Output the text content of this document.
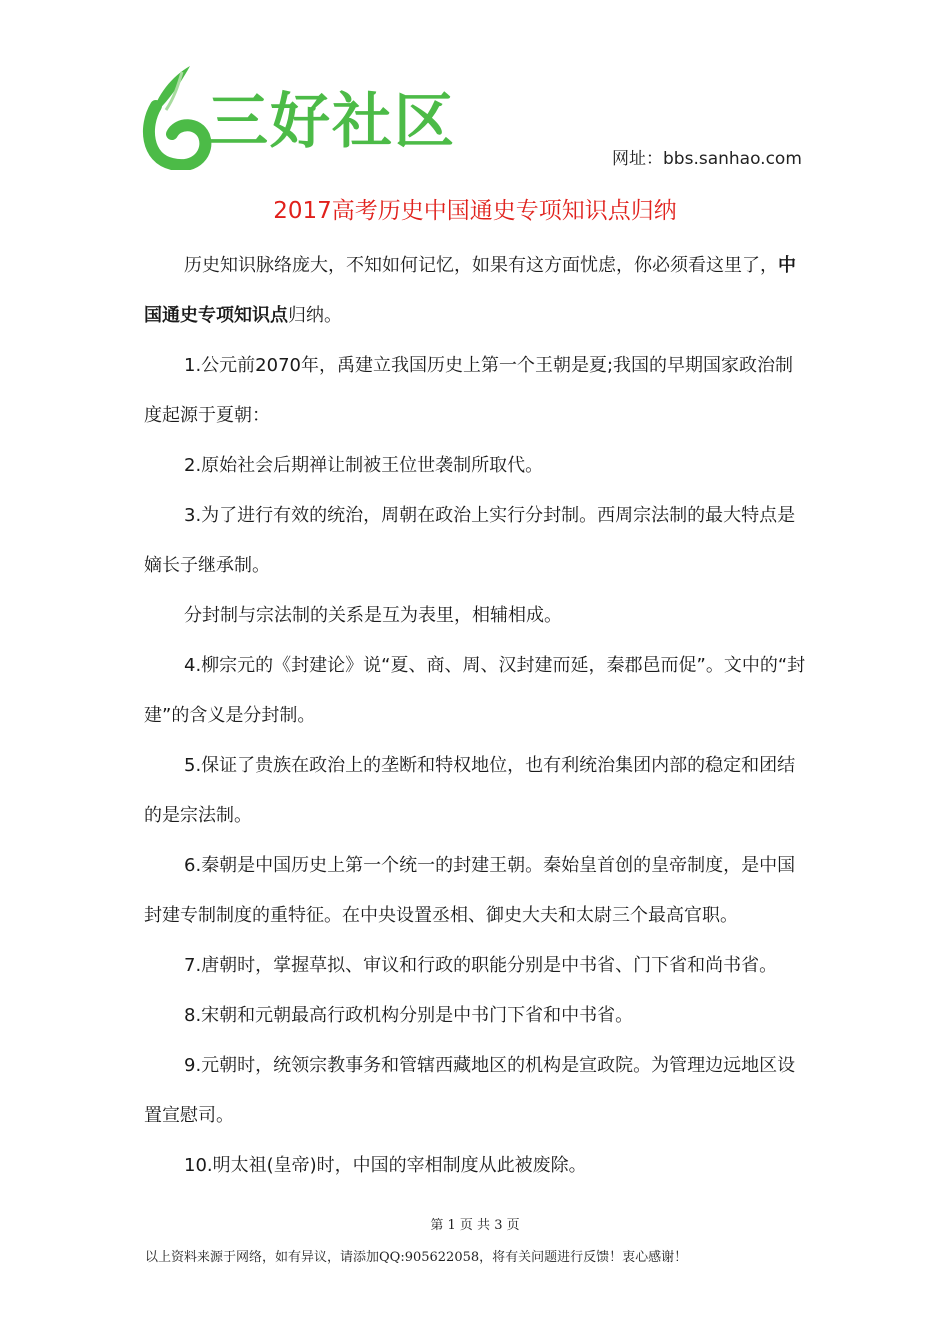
三好社区
网址：bbs.sanhao.com
2017高考历史中国通史专项知识点归纳

历史知识脉络庞大，不知如何记忆，如果有这方面忧虑，你必须看这里了，中国通史专项知识点归纳。

1.公元前2070年，禹建立我国历史上第一个王朝是夏;我国的早期国家政治制度起源于夏朝：

2.原始社会后期禅让制被王位世袭制所取代。

3.为了进行有效的统治，周朝在政治上实行分封制。西周宗法制的最大特点是嫡长子继承制。

分封制与宗法制的关系是互为表里，相辅相成。

4.柳宗元的《封建论》说“夏、商、周、汉封建而延，秦郡邑而促”。文中的“封建”的含义是分封制。

5.保证了贵族在政治上的垄断和特权地位，也有利统治集团内部的稳定和团结的是宗法制。

6.秦朝是中国历史上第一个统一的封建王朝。秦始皇首创的皇帝制度，是中国封建专制制度的重特征。在中央设置丞相、御史大夫和太尉三个最高官职。

7.唐朝时，掌握草拟、审议和行政的职能分别是中书省、门下省和尚书省。

8.宋朝和元朝最高行政机构分别是中书门下省和中书省。

9.元朝时，统领宗教事务和管辖西藏地区的机构是宣政院。为管理边远地区设置宣慰司。

10.明太祖(皇帝)时，中国的宰相制度从此被废除。

第 1 页 共 3 页
以上资料来源于网络，如有异议，请添加QQ:905622058，将有关问题进行反馈！衷心感谢！
